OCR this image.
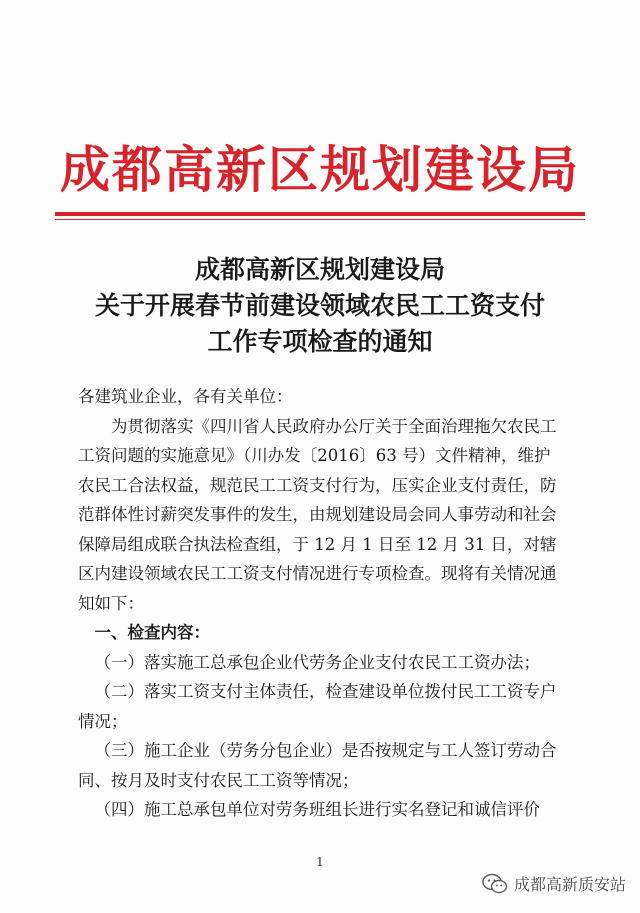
成都高新区规划建设局
成都高新区规划建设局
关于开展春节前建设领域农民工工资支付
工作专项检查的通知

各建筑业企业，各有关单位：

为贯彻落实《四川省人民政府办公厅关于全面治理拖欠农民工工资问题的实施意见》（川办发〔2016〕63 号）文件精神，维护农民工合法权益，规范民工工资支付行为，压实企业支付责任，防范群体性讨薪突发事件的发生，由规划建设局会同人事劳动和社会保障局组成联合执法检查组，于 12 月 1 日至 12 月 31 日，对辖区内建设领域农民工工资支付情况进行专项检查。现将有关情况通知如下：

一、检查内容：

（一）落实施工总承包企业代劳务企业支付农民工工资办法；

（二）落实工资支付主体责任，检查建设单位拨付民工工资专户情况；

（三）施工企业（劳务分包企业）是否按规定与工人签订劳动合同、按月及时支付农民工工资等情况；

（四）施工总承包单位对劳务班组长进行实名登记和诚信评价

1
成都高新质安站
